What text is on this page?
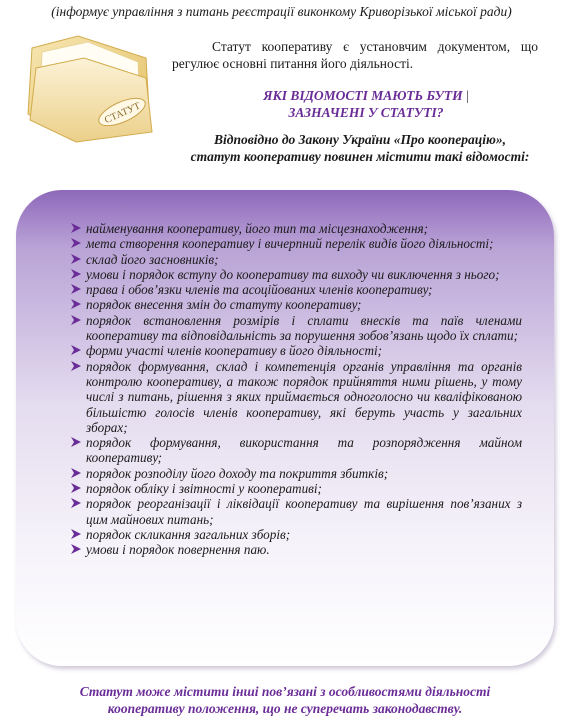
(інформує управління з питань реєстрації виконкому Криворізької міської ради)
СТАТУТ
Статут кооперативу є установчим документом, що регулює основні питання його діяльності.
ЯКІ ВІДОМОСТІ МАЮТЬ БУТИ |
ЗАЗНАЧЕНІ У СТАТУТІ?
Відповідно до Закону України «Про кооперацію», статут кооперативу повинен містити такі відомості:
найменування кооперативу, його тип та місцезнаходження;
мета створення кооперативу і вичерпний перелік видів його діяльності;
склад його засновників;
умови і порядок вступу до кооперативу та виходу чи виключення з нього;
права і обов’язки членів та асоційованих членів кооперативу;
порядок внесення змін до статуту кооперативу;
порядок встановлення розмірів і сплати внесків та паїв членами кооперативу та відповідальність за порушення зобов’язань щодо їх сплати;
форми участі членів кооперативу в його діяльності;
порядок формування, склад і компетенція органів управління та органів контролю кооперативу, а також порядок прийняття ними рішень, у тому числі з питань, рішення з яких приймається одноголосно чи кваліфікованою більшістю голосів членів кооперативу, які беруть участь у загальних зборах;
порядок формування, використання та розпорядження майном кооперативу;
порядок розподілу його доходу та покриття збитків;
порядок обліку і звітності у кооперативі;
порядок реорганізації і ліквідації кооперативу та вирішення пов’язаних з цим майнових питань;
порядок скликання загальних зборів;
умови і порядок повернення паю.
Статут може містити інші пов’язані з особливостями діяльності кооперативу положення, що не суперечать законодавству.
